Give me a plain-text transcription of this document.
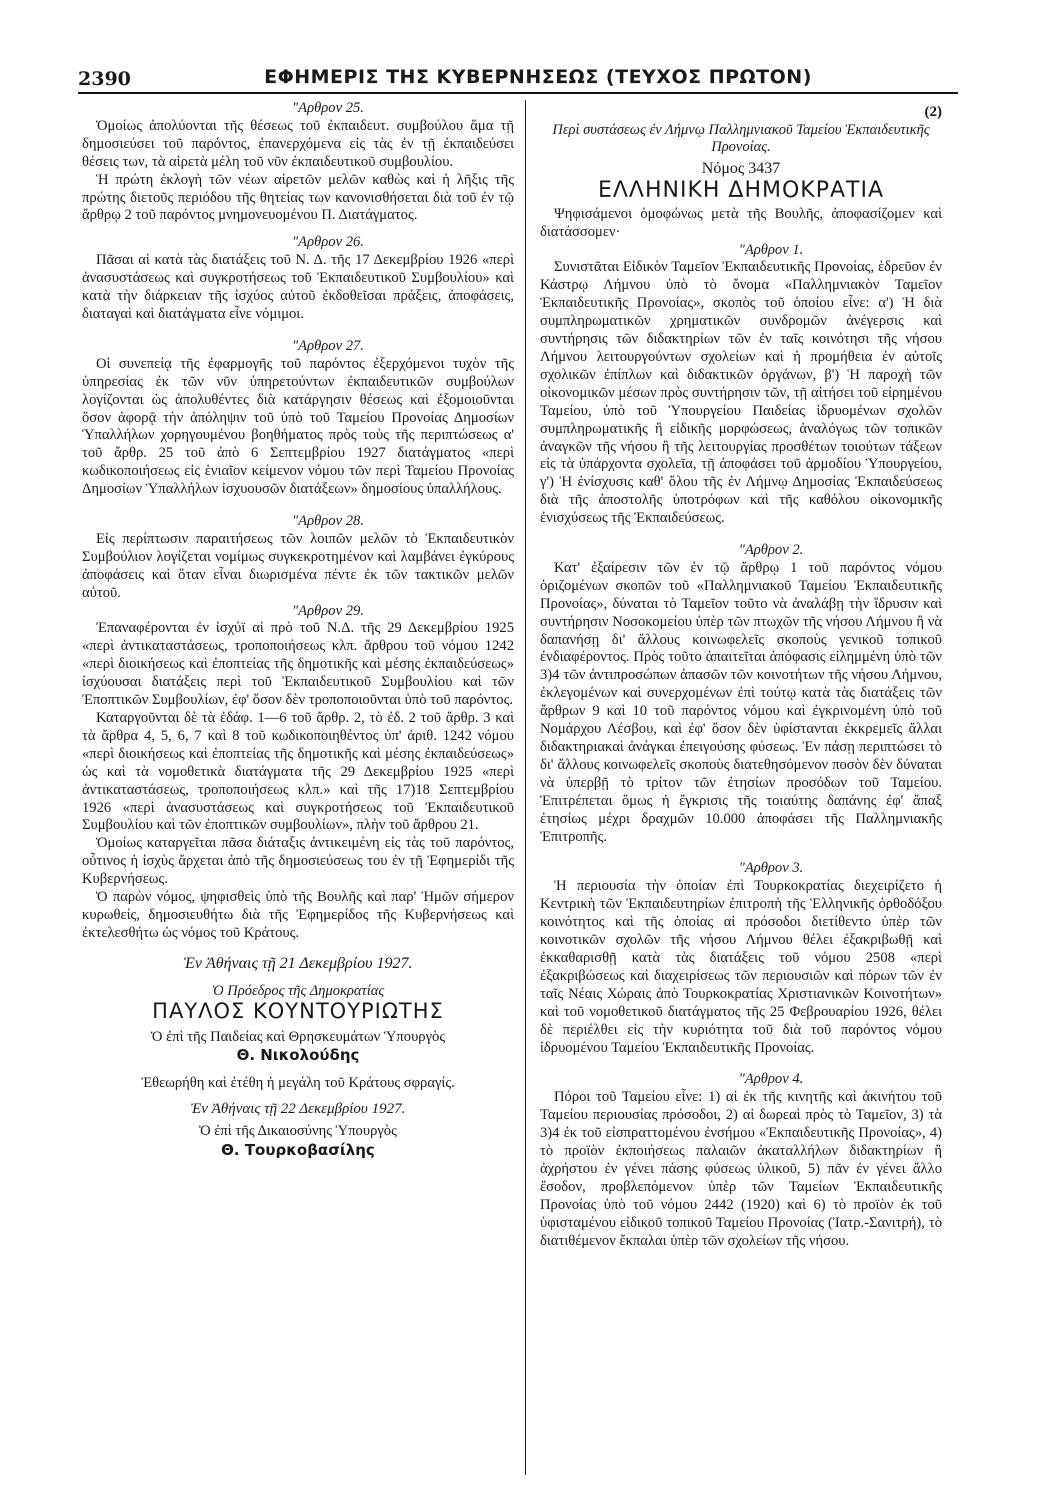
2390	ΕΦΗΜΕΡΙΣ ΤΗΣ ΚΥΒΕΡΝΗΣΕΩΣ (ΤΕΥΧΟΣ ΠΡΩΤΟΝ)
"Αρθρον 25.

Ὁμοίως ἀπολύονται τῆς θέσεως τοῦ ἐκπαιδευτ. συμβούλου ἅμα τῇ δημοσιεύσει τοῦ παρόντος, ἐπανερχόμενα εἰς τὰς ἐν τῇ ἐκπαιδεύσει θέσεις των, τὰ αἱρετὰ μέλη τοῦ νῦν ἐκπαιδευτικοῦ συμβουλίου.

Ἡ πρώτη ἐκλογὴ τῶν νέων αἱρετῶν μελῶν καθὼς καὶ ἡ λῆξις τῆς πρώτης διετοῦς περιόδου τῆς θητείας των κανονισθήσεται διὰ τοῦ ἐν τῷ ἄρθρῳ 2 τοῦ παρόντος μνημονευομένου Π. Διατάγματος.

"Αρθρον 26.

Πᾶσαι αἱ κατὰ τὰς διατάξεις τοῦ Ν. Δ. τῆς 17 Δεκεμβρίου 1926 «περὶ ἀνασυστάσεως καὶ συγκροτήσεως τοῦ Ἐκπαιδευτικοῦ Συμβουλίου» καὶ κατὰ τὴν διάρκειαν τῆς ἰσχύος αὐτοῦ ἐκδοθεῖσαι πράξεις, ἀποφάσεις, διαταγαὶ καὶ διατάγματα εἶνε νόμιμοι.

"Αρθρον 27.

Οἱ συνεπείᾳ τῆς ἐφαρμογῆς τοῦ παρόντος ἐξερχόμενοι τυχὸν τῆς ὑπηρεσίας ἐκ τῶν νῦν ὑπηρετούντων ἐκπαιδευτικῶν συμβούλων λογίζονται ὡς ἀπολυθέντες διὰ κατάργησιν θέσεως καὶ ἐξομοιοῦνται ὅσον ἀφορᾷ τὴν ἀπόληψιν τοῦ ὑπὸ τοῦ Ταμείου Προνοίας Δημοσίων Ὑπαλλήλων χορηγουμένου βοηθήματος πρὸς τοὺς τῆς περιπτώσεως α' τοῦ ἄρθρ. 25 τοῦ ἀπὸ 6 Σεπτεμβρίου 1927 διατάγματος «περὶ κωδικοποιήσεως εἰς ἑνιαῖον κείμενον νόμου τῶν περὶ Ταμείου Προνοίας Δημοσίων Ὑπαλλήλων ἰσχυουσῶν διατάξεων» δημοσίους ὑπαλλήλους.

"Αρθρον 28.

Εἰς περίπτωσιν παραιτήσεως τῶν λοιπῶν μελῶν τὸ Ἐκπαιδευτικὸν Συμβούλιον λογίζεται νομίμως συγκεκροτημένον καὶ λαμβάνει ἐγκύρους ἀποφάσεις καὶ ὅταν εἶναι διωρισμένα πέντε ἐκ τῶν τακτικῶν μελῶν αὐτοῦ.

"Αρθρον 29.

Ἐπαναφέρονται ἐν ἰσχύϊ αἱ πρὸ τοῦ Ν.Δ. τῆς 29 Δεκεμβρίου 1925 «περὶ ἀντικαταστάσεως, τροποποιήσεως κλπ. ἄρθρου τοῦ νόμου 1242 «περὶ διοικήσεως καὶ ἐποπτείας τῆς δημοτικῆς καὶ μέσης ἐκπαιδεύσεως» ἰσχύουσαι διατάξεις περὶ τοῦ Ἐκπαιδευτικοῦ Συμβουλίου καὶ τῶν Ἐποπτικῶν Συμβουλίων, ἐφ' ὅσον δὲν τροποποιοῦνται ὑπὸ τοῦ παρόντος.

Καταργοῦνται δὲ τὰ ἐδάφ. 1—6 τοῦ ἄρθρ. 2, τὸ ἐδ. 2 τοῦ ἄρθρ. 3 καὶ τὰ ἄρθρα 4, 5, 6, 7 καὶ 8 τοῦ κωδικοποιηθέντος ὑπ' ἀριθ. 1242 νόμου «περὶ διοικήσεως καὶ ἐποπτείας τῆς δημοτικῆς καὶ μέσης ἐκπαιδεύσεως» ὡς καὶ τὰ νομοθετικὰ διατάγματα τῆς 29 Δεκεμβρίου 1925 «περὶ ἀντικαταστάσεως, τροποποιήσεως κλπ.» καὶ τῆς 17)18 Σεπτεμβρίου 1926 «περὶ ἀνασυστάσεως καὶ συγκροτήσεως τοῦ Ἐκπαιδευτικοῦ Συμβουλίου καὶ τῶν ἐποπτικῶν συμβουλίων», πλὴν τοῦ ἄρθρου 21.

Ὁμοίως καταργεῖται πᾶσα διάταξις ἀντικειμένη εἰς τὰς τοῦ παρόντος, οὗτινος ἡ ἰσχὺς ἄρχεται ἀπὸ τῆς δημοσιεύσεως του ἐν τῇ Ἐφημερίδι τῆς Κυβερνήσεως.

Ὁ παρὼν νόμος, ψηφισθεὶς ὑπὸ τῆς Βουλῆς καὶ παρ' Ἡμῶν σήμερον κυρωθείς, δημοσιευθήτω διὰ τῆς Ἐφημερίδος τῆς Κυβερνήσεως καὶ ἐκτελεσθήτω ὡς νόμος τοῦ Κράτους.

Ἐν Ἀθήναις τῇ 21 Δεκεμβρίου 1927.
Ὁ Πρόεδρος τῆς Δημοκρατίας
ΠΑΥΛΟΣ ΚΟΥΝΤΟΥΡΙΩΤΗΣ
Ὁ ἐπὶ τῆς Παιδείας καὶ Θρησκευμάτων Ὑπουργὸς
Θ. Νικολούδης
Ἐθεωρήθη καὶ ἐτέθη ἡ μεγάλη τοῦ Κράτους σφραγίς.
Ἐν Ἀθήναις τῇ 22 Δεκεμβρίου 1927.
Ὁ ἐπὶ τῆς Δικαιοσύνης Ὑπουργὸς
Θ. Τουρκοβασίλης
(2)
Περὶ συστάσεως ἐν Λήμνῳ Παλλημνιακοῦ Ταμείου Ἐκπαιδευτικῆς Προνοίας.
Νόμος 3437
ΕΛΛΗΝΙΚΗ ΔΗΜΟΚΡΑΤΙΑ

Ψηφισάμενοι ὁμοφώνως μετὰ τῆς Βουλῆς, ἀποφασίζομεν καὶ διατάσσομεν·

"Αρθρον 1.

Συνιστᾶται Εἰδικὸν Ταμεῖον Ἐκπαιδευτικῆς Προνοίας, ἑδρεῦον ἐν Κάστρῳ Λήμνου ὑπὸ τὸ ὄνομα «Παλλημνιακὸν Ταμεῖον Ἐκπαιδευτικῆς Προνοίας», σκοπὸς τοῦ ὁποίου εἶνε: α') Ἡ διὰ συμπληρωματικῶν χρηματικῶν συνδρομῶν ἀνέγερσις καὶ συντήρησις τῶν διδακτηρίων τῶν ἐν ταῖς κοινότησι τῆς νήσου Λήμνου λειτουργούντων σχολείων καὶ ἡ προμήθεια ἐν αὐτοῖς σχολικῶν ἐπίπλων καὶ διδακτικῶν ὀργάνων, β') Ἡ παροχὴ τῶν οἰκονομικῶν μέσων πρὸς συντήρησιν τῶν, τῇ αἰτήσει τοῦ εἰρημένου Ταμείου, ὑπὸ τοῦ Ὑπουργείου Παιδείας ἱδρυομένων σχολῶν συμπληρωματικῆς ἢ εἰδικῆς μορφώσεως, ἀναλόγως τῶν τοπικῶν ἀναγκῶν τῆς νήσου ἢ τῆς λειτουργίας προσθέτων τοιούτων τάξεων εἰς τὰ ὑπάρχοντα σχολεῖα, τῇ ἀποφάσει τοῦ ἁρμοδίου Ὑπουργείου, γ') Ἡ ἐνίσχυσις καθ' ὅλου τῆς ἐν Λήμνῳ Δημοσίας Ἐκπαιδεύσεως διὰ τῆς ἀποστολῆς ὑποτρόφων καὶ τῆς καθόλου οἰκονομικῆς ἐνισχύσεως τῆς Ἐκπαιδεύσεως.

"Αρθρον 2.

Κατ' ἐξαίρεσιν τῶν ἐν τῷ ἄρθρῳ 1 τοῦ παρόντος νόμου ὁριζομένων σκοπῶν τοῦ «Παλλημνιακοῦ Ταμείου Ἐκπαιδευτικῆς Προνοίας», δύναται τὸ Ταμεῖον τοῦτο νὰ ἀναλάβῃ τὴν ἵδρυσιν καὶ συντήρησιν Νοσοκομείου ὑπὲρ τῶν πτωχῶν τῆς νήσου Λήμνου ἢ νὰ δαπανήσῃ δι' ἄλλους κοινωφελεῖς σκοποὺς γενικοῦ τοπικοῦ ἐνδιαφέροντος. Πρὸς τοῦτο ἀπαιτεῖται ἀπόφασις εἰλημμένη ὑπὸ τῶν 3)4 τῶν ἀντιπροσώπων ἁπασῶν τῶν κοινοτήτων τῆς νήσου Λήμνου, ἐκλεγομένων καὶ συνερχομένων ἐπὶ τούτῳ κατὰ τὰς διατάξεις τῶν ἄρθρων 9 καὶ 10 τοῦ παρόντος νόμου καὶ ἐγκρινομένη ὑπὸ τοῦ Νομάρχου Λέσβου, καὶ ἐφ' ὅσον δὲν ὑφίστανται ἐκκρεμεῖς ἄλλαι διδακτηριακαὶ ἀνάγκαι ἐπειγούσης φύσεως. Ἐν πάσῃ περιπτώσει τὸ δι' ἄλλους κοινωφελεῖς σκοποὺς διατεθησόμενον ποσὸν δὲν δύναται νὰ ὑπερβῇ τὸ τρίτον τῶν ἐτησίων προσόδων τοῦ Ταμείου. Ἐπιτρέπεται ὅμως ἡ ἔγκρισις τῆς τοιαύτης δαπάνης ἐφ' ἅπαξ ἐτησίως μέχρι δραχμῶν 10.000 ἀποφάσει τῆς Παλλημνιακῆς Ἐπιτροπῆς.

"Αρθρον 3.

Ἡ περιουσία τὴν ὁποίαν ἐπὶ Τουρκοκρατίας διεχειρίζετο ἡ Κεντρικὴ τῶν Ἐκπαιδευτηρίων ἐπιτροπὴ τῆς Ἑλληνικῆς ὀρθοδόξου κοινότητος καὶ τῆς ὁποίας αἱ πρόσοδοι διετίθεντο ὑπὲρ τῶν κοινοτικῶν σχολῶν τῆς νήσου Λήμνου θέλει ἐξακριβωθῇ καὶ ἐκκαθαρισθῇ κατὰ τὰς διατάξεις τοῦ νόμου 2508 «περὶ ἐξακριβώσεως καὶ διαχειρίσεως τῶν περιουσιῶν καὶ πόρων τῶν ἐν ταῖς Νέαις Χώραις ἀπὸ Τουρκοκρατίας Χριστιανικῶν Κοινοτήτων» καὶ τοῦ νομοθετικοῦ διατάγματος τῆς 25 Φεβρουαρίου 1926, θέλει δὲ περιέλθει εἰς τὴν κυριότητα τοῦ διὰ τοῦ παρόντος νόμου ἱδρυομένου Ταμείου Ἐκπαιδευτικῆς Προνοίας.

"Αρθρον 4.

Πόροι τοῦ Ταμείου εἶνε: 1) αἱ ἐκ τῆς κινητῆς καὶ ἀκινήτου τοῦ Ταμείου περιουσίας πρόσοδοι, 2) αἱ δωρεαὶ πρὸς τὸ Ταμεῖον, 3) τὰ 3)4 ἐκ τοῦ εἰσπραττομένου ἐνσήμου «Ἐκπαιδευτικῆς Προνοίας», 4) τὸ προϊὸν ἐκποιήσεως παλαιῶν ἀκαταλλήλων διδακτηρίων ἢ ἀχρήστου ἐν γένει πάσης φύσεως ὑλικοῦ, 5) πᾶν ἐν γένει ἄλλο ἔσοδον, προβλεπόμενον ὑπὲρ τῶν Ταμείων Ἐκπαιδευτικῆς Προνοίας ὑπὸ τοῦ νόμου 2442 (1920) καὶ 6) τὸ προϊὸν ἐκ τοῦ ὑφισταμένου εἰδικοῦ τοπικοῦ Ταμείου Προνοίας (Ἰατρ.-Σανιτρή), τὸ διατιθέμενον ἔκπαλαι ὑπὲρ τῶν σχολείων τῆς νήσου.
